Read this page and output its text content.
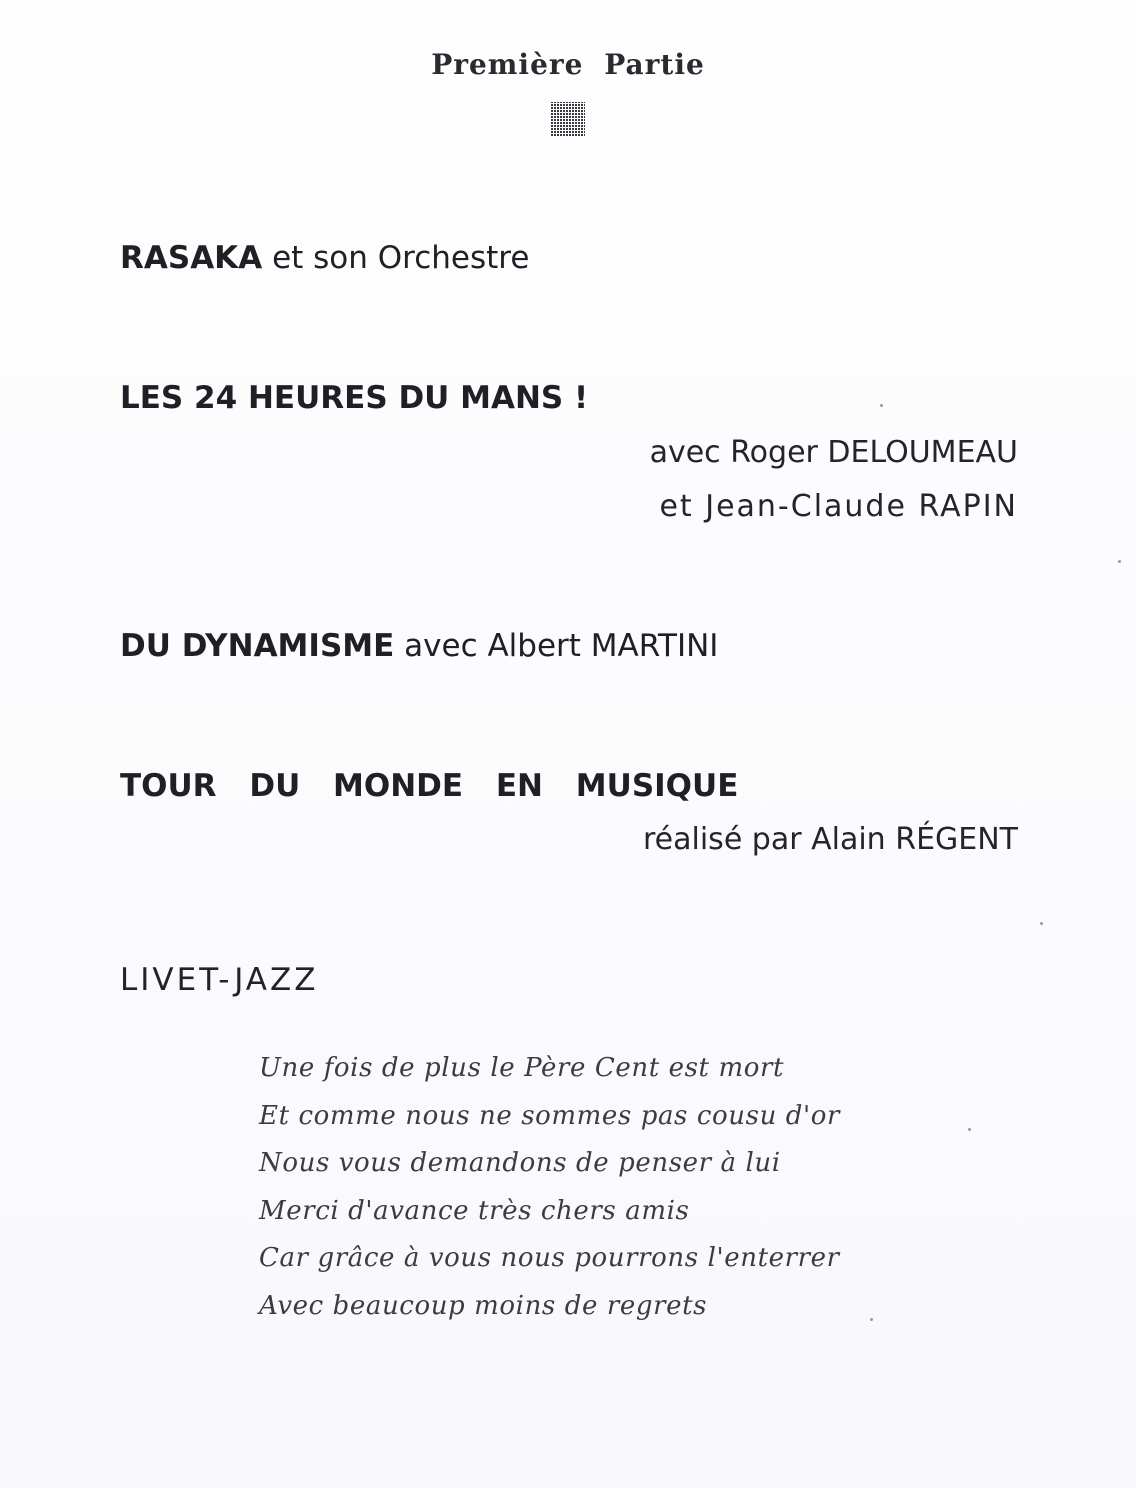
Première Partie
RASAKA et son Orchestre
LES 24 HEURES DU MANS !
avec Roger DELOUMEAU
et Jean-Claude RAPIN
DU DYNAMISME avec Albert MARTINI
TOUR DU MONDE EN MUSIQUE
réalisé par Alain RÉGENT
LIVET-JAZZ
Une fois de plus le Père Cent est mort
Et comme nous ne sommes pas cousu d'or
Nous vous demandons de penser à lui
Merci d'avance très chers amis
Car grâce à vous nous pourrons l'enterrer
Avec beaucoup moins de regrets
